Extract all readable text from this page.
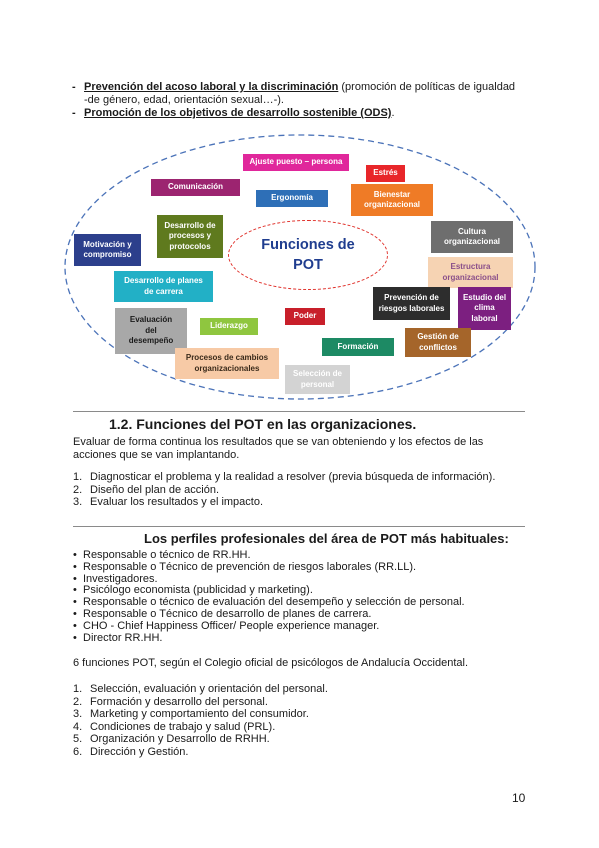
- Prevención del acoso laboral y la discriminación (promoción de políticas de igualdad
-de género, edad, orientación sexual…-).
- Promoción de los objetivos de desarrollo sostenible (ODS).
Funciones de
POT
Ajuste puesto – persona
Comunicación
Estrés
Ergonomía	Bienestar
organizacional
Desarrollo de
procesos y
protocolos
Motivación y
compromiso
Cultura
organizacional
Estructura
organizacional
Desarrollo de planes
de carrera
Prevención de
riesgos laborales
Estudio del
clima
laboral
Evaluación
del
desempeño
Liderazgo
Poder
Gestión de
conflictos
Formación
Procesos de cambios
organizacionales
Selección de
personal
1.2. Funciones del POT en las organizaciones.
Evaluar de forma continua los resultados que se van obteniendo y los efectos de las
acciones que se van implantando.
1. Diagnosticar el problema y la realidad a resolver (previa búsqueda de información).
2. Diseño del plan de acción.
3. Evaluar los resultados y el impacto.
Los perfiles profesionales del área de POT más habituales:
• Responsable o técnico de RR.HH.
• Responsable o Técnico de prevención de riesgos laborales (RR.LL).
• Investigadores.
• Psicólogo economista (publicidad y marketing).
• Responsable o técnico de evaluación del desempeño y selección de personal.
• Responsable o Técnico de desarrollo de planes de carrera.
• CHO - Chief Happiness Officer/ People experience manager.
• Director RR.HH.
6 funciones POT, según el Colegio oficial de psicólogos de Andalucía Occidental.
1. Selección, evaluación y orientación del personal.
2. Formación y desarrollo del personal.
3. Marketing y comportamiento del consumidor.
4. Condiciones de trabajo y salud (PRL).
5. Organización y Desarrollo de RRHH.
6. Dirección y Gestión.
10
